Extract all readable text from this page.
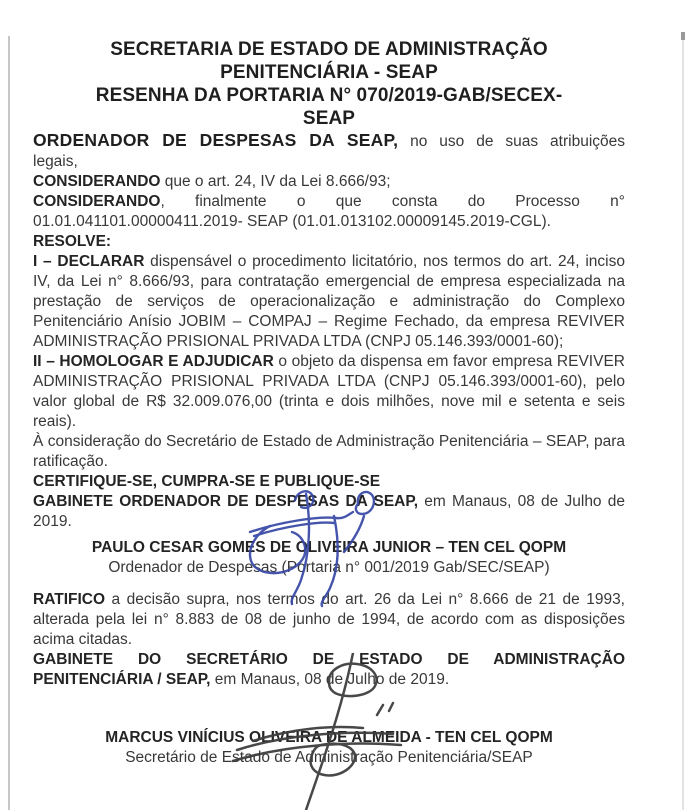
SECRETARIA DE ESTADO DE ADMINISTRAÇÃO
PENITENCIÁRIA - SEAP
RESENHA DA PORTARIA N° 070/2019-GAB/SECEX-
SEAP

ORDENADOR DE DESPESAS DA SEAP, no uso de suas atribuições legais,

CONSIDERANDO que o art. 24, IV da Lei 8.666/93;

CONSIDERANDO, finalmente o que consta do Processo n° 01.01.041101.00000411.2019- SEAP (01.01.013102.00009145.2019-CGL).

RESOLVE:

I – DECLARAR dispensável o procedimento licitatório, nos termos do art. 24, inciso IV, da Lei n° 8.666/93, para contratação emergencial de empresa especializada na prestação de serviços de operacionalização e administração do Complexo Penitenciário Anísio JOBIM – COMPAJ – Regime Fechado, da empresa REVIVER ADMINISTRAÇÃO PRISIONAL PRIVADA LTDA (CNPJ 05.146.393/0001-60);

II – HOMOLOGAR E ADJUDICAR o objeto da dispensa em favor empresa REVIVER ADMINISTRAÇÃO PRISIONAL PRIVADA LTDA (CNPJ 05.146.393/0001-60), pelo valor global de R$ 32.009.076,00 (trinta e dois milhões, nove mil e setenta e seis reais).

À consideração do Secretário de Estado de Administração Penitenciária – SEAP, para ratificação.

CERTIFIQUE-SE, CUMPRA-SE E PUBLIQUE-SE

GABINETE ORDENADOR DE DESPESAS DA SEAP, em Manaus, 08 de Julho de 2019.

PAULO CESAR GOMES DE OLIVEIRA JUNIOR – TEN CEL QOPM
Ordenador de Despesas (Portaria n° 001/2019 Gab/SEC/SEAP)

RATIFICO a decisão supra, nos termos do art. 26 da Lei n° 8.666 de 21 de 1993, alterada pela lei n° 8.883 de 08 de junho de 1994, de acordo com as disposições acima citadas.

GABINETE DO SECRETÁRIO DE ESTADO DE ADMINISTRAÇÃO PENITENCIÁRIA / SEAP, em Manaus, 08 de Julho de 2019.

MARCUS VINÍCIUS OLIVEIRA DE ALMEIDA - TEN CEL QOPM
Secretário de Estado de Administração Penitenciária/SEAP
